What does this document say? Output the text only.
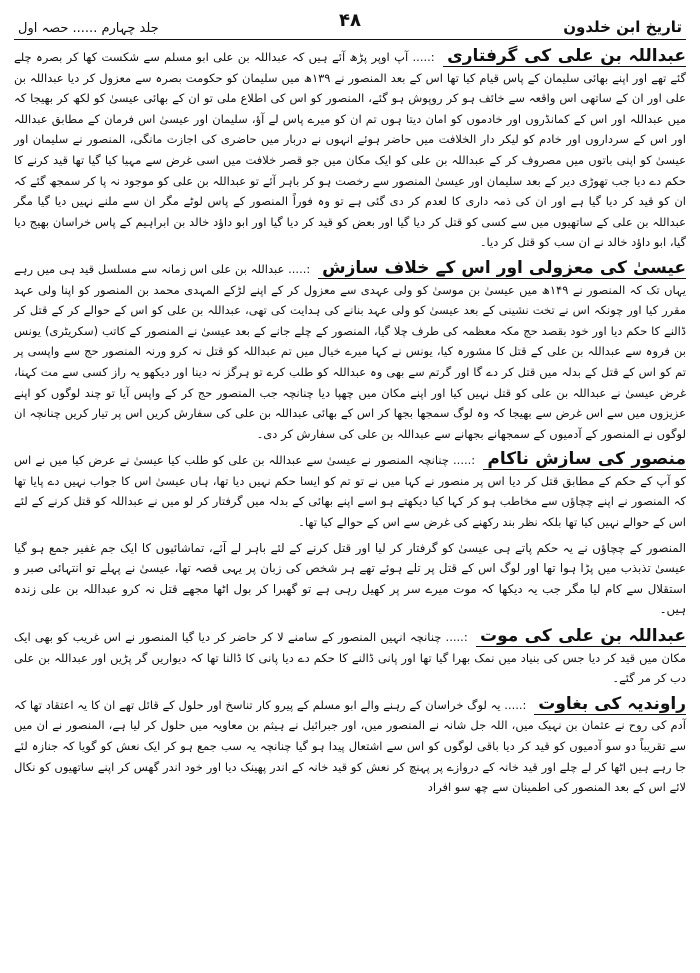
تاریخ ابن خلدون
۴۸
جلد چہارم ...... حصہ اول

عبداللہ بن علی کی گرفتاری :..... آپ اوپر پڑھ آئے ہیں کہ عبداللہ بن علی ابو مسلم سے شکست کھا کر بصرہ چلے گئے تھے اور اپنے بھائی سلیمان کے پاس قیام کیا تھا اس کے بعد المنصور نے ۱۳۹ھ میں سلیمان کو حکومت بصرہ سے معزول کر دیا عبداللہ بن علی اور ان کے ساتھی اس واقعہ سے خائف ہو کر روپوش ہو گئے، المنصور کو اس کی اطلاع ملی تو ان کے بھائی عیسیٰ کو لکھ کر بھیجا کہ میں عبداللہ اور اس کے کمانڈروں اور خادموں کو امان دیتا ہوں تم ان کو میرے پاس لے آؤ، سلیمان اور عیسیٰ اس فرمان کے مطابق عبداللہ اور اس کے سرداروں اور خادم کو لیکر دار الخلافت میں حاضر ہوئے انہوں نے دربار میں حاضری کی اجازت مانگی، المنصور نے سلیمان اور عیسیٰ کو اپنی باتوں میں مصروف کر کے عبداللہ بن علی کو ایک مکان میں جو قصر خلافت میں اسی غرض سے مہیا کیا گیا تھا قید کرنے کا حکم دے دیا جب تھوڑی دیر کے بعد سلیمان اور عیسیٰ المنصور سے رخصت ہو کر باہر آئے تو عبداللہ بن علی کو موجود نہ پا کر سمجھ گئے کہ ان کو قید کر دیا گیا ہے اور ان کی ذمہ داری کا لعدم کر دی گئی ہے تو وہ فوراً المنصور کے پاس لوٹے مگر ان سے ملنے نہیں دیا گیا مگر عبداللہ بن علی کے ساتھیوں میں سے کسی کو قتل کر دیا گیا اور بعض کو قید کر دیا گیا اور ابو داؤد خالد بن ابراہیم کے پاس خراسان بھیج دیا گیا، ابو داؤد خالد نے ان سب کو قتل کر دیا۔

عیسیٰ کی معزولی اور اس کے خلاف سازش :..... عبداللہ بن علی اس زمانہ سے مسلسل قید ہی میں رہے یہاں تک کہ المنصور نے ۱۴۹ھ میں عیسیٰ بن موسیٰ کو ولی عہدی سے معزول کر کے اپنے لڑکے المہدی محمد بن المنصور کو اپنا ولی عہد مقرر کیا اور چونکہ اس نے تخت نشینی کے بعد عیسیٰ کو ولی عہد بنانے کی ہدایت کی تھی، عبداللہ بن علی کو اس کے حوالے کر کے قتل کر ڈالنے کا حکم دیا اور خود بقصد حج مکہ معظمہ کی طرف چلا گیا، المنصور کے چلے جانے کے بعد عیسیٰ نے المنصور کے کاتب (سکریٹری) یونس بن فروہ سے عبداللہ بن علی کے قتل کا مشورہ کیا، یونس نے کہا میرے خیال میں تم عبداللہ کو قتل نہ کرو ورنہ المنصور حج سے واپسی پر تم کو اس کے قتل کے بدلہ میں قتل کر دے گا اور گرتم سے بھی وہ عبداللہ کو طلب کرے تو ہرگز نہ دینا اور دیکھو یہ راز کسی سے مت کہنا، غرض عیسیٰ نے عبداللہ بن علی کو قتل نہیں کیا اور اپنے مکان میں چھپا دیا چنانچہ جب المنصور حج کر کے واپس آیا تو چند لوگوں کو اپنے عزیزوں میں سے اس غرض سے بھیجا کہ وہ لوگ سمجھا بجھا کر اس کے بھائی عبداللہ بن علی کی سفارش کریں اس پر تیار کریں چنانچہ ان لوگوں نے المنصور کے آدمیوں کے سمجھانے بجھانے سے عبداللہ بن علی کی سفارش کر دی۔

منصور کی سازش ناکام :..... چنانچہ المنصور نے عیسیٰ سے عبداللہ بن علی کو طلب کیا عیسیٰ نے عرض کیا میں نے اس کو آپ کے حکم کے مطابق قتل کر دیا اس پر منصور نے کہا میں نے تو تم کو ایسا حکم نہیں دیا تھا، ہاں عیسیٰ اس کا جواب نہیں دے پایا تھا کہ المنصور نے اپنے چچاؤں سے مخاطب ہو کر کہا کیا دیکھتے ہو اسے اپنے بھائی کے بدلہ میں گرفتار کر لو میں نے عبداللہ کو قتل کرنے کے لئے اس کے حوالے نہیں کیا تھا بلکہ نظر بند رکھنے کی غرض سے اس کے حوالے کیا تھا۔

المنصور کے چچاؤں نے یہ حکم پاتے ہی عیسیٰ کو گرفتار کر لیا اور قتل کرنے کے لئے باہر لے آئے، تماشائیوں کا ایک جم غفیر جمع ہو گیا عیسیٰ تذبذب میں پڑا ہوا تھا اور لوگ اس کے قتل پر تلے ہوئے تھے ہر شخص کی زبان پر یہی قصہ تھا، عیسیٰ نے پہلے تو انتہائی صبر و استقلال سے کام لیا مگر جب یہ دیکھا کہ موت میرے سر پر کھیل رہی ہے تو گھبرا کر بول اٹھا مجھے قتل نہ کرو عبداللہ بن علی زندہ ہیں۔

عبداللہ بن علی کی موت :..... چنانچہ انہیں المنصور کے سامنے لا کر حاضر کر دیا گیا المنصور نے اس غریب کو بھی ایک مکان میں قید کر دیا جس کی بنیاد میں نمک بھرا گیا تھا اور پانی ڈالنے کا حکم دے دیا پانی کا ڈالنا تھا کہ دیواریں گر پڑیں اور عبداللہ بن علی دب کر مر گئے۔

راوندیہ کی بغاوت :..... یہ لوگ خراسان کے رہنے والے ابو مسلم کے پیرو کار تناسخ اور حلول کے قائل تھے ان کا یہ اعتقاد تھا کہ آدم کی روح نے عثمان بن نہیک میں، اللہ جل شانہ نے المنصور میں، اور جبرائیل نے ہیثم بن معاویہ میں حلول کر لیا ہے، المنصور نے ان میں سے تقریباً دو سو آدمیوں کو قید کر دیا باقی لوگوں کو اس سے اشتعال پیدا ہو گیا چنانچہ یہ سب جمع ہو کر ایک نعش کو گویا کہ جنازہ لئے جا رہے ہیں اٹھا کر لے چلے اور قید خانہ کے دروازے پر پہنچ کر نعش کو قید خانہ کے اندر پھینک دیا اور خود اندر گھس کر اپنے ساتھیوں کو نکال لائے اس کے بعد المنصور کی اطمینان سے چھ سو افراد
